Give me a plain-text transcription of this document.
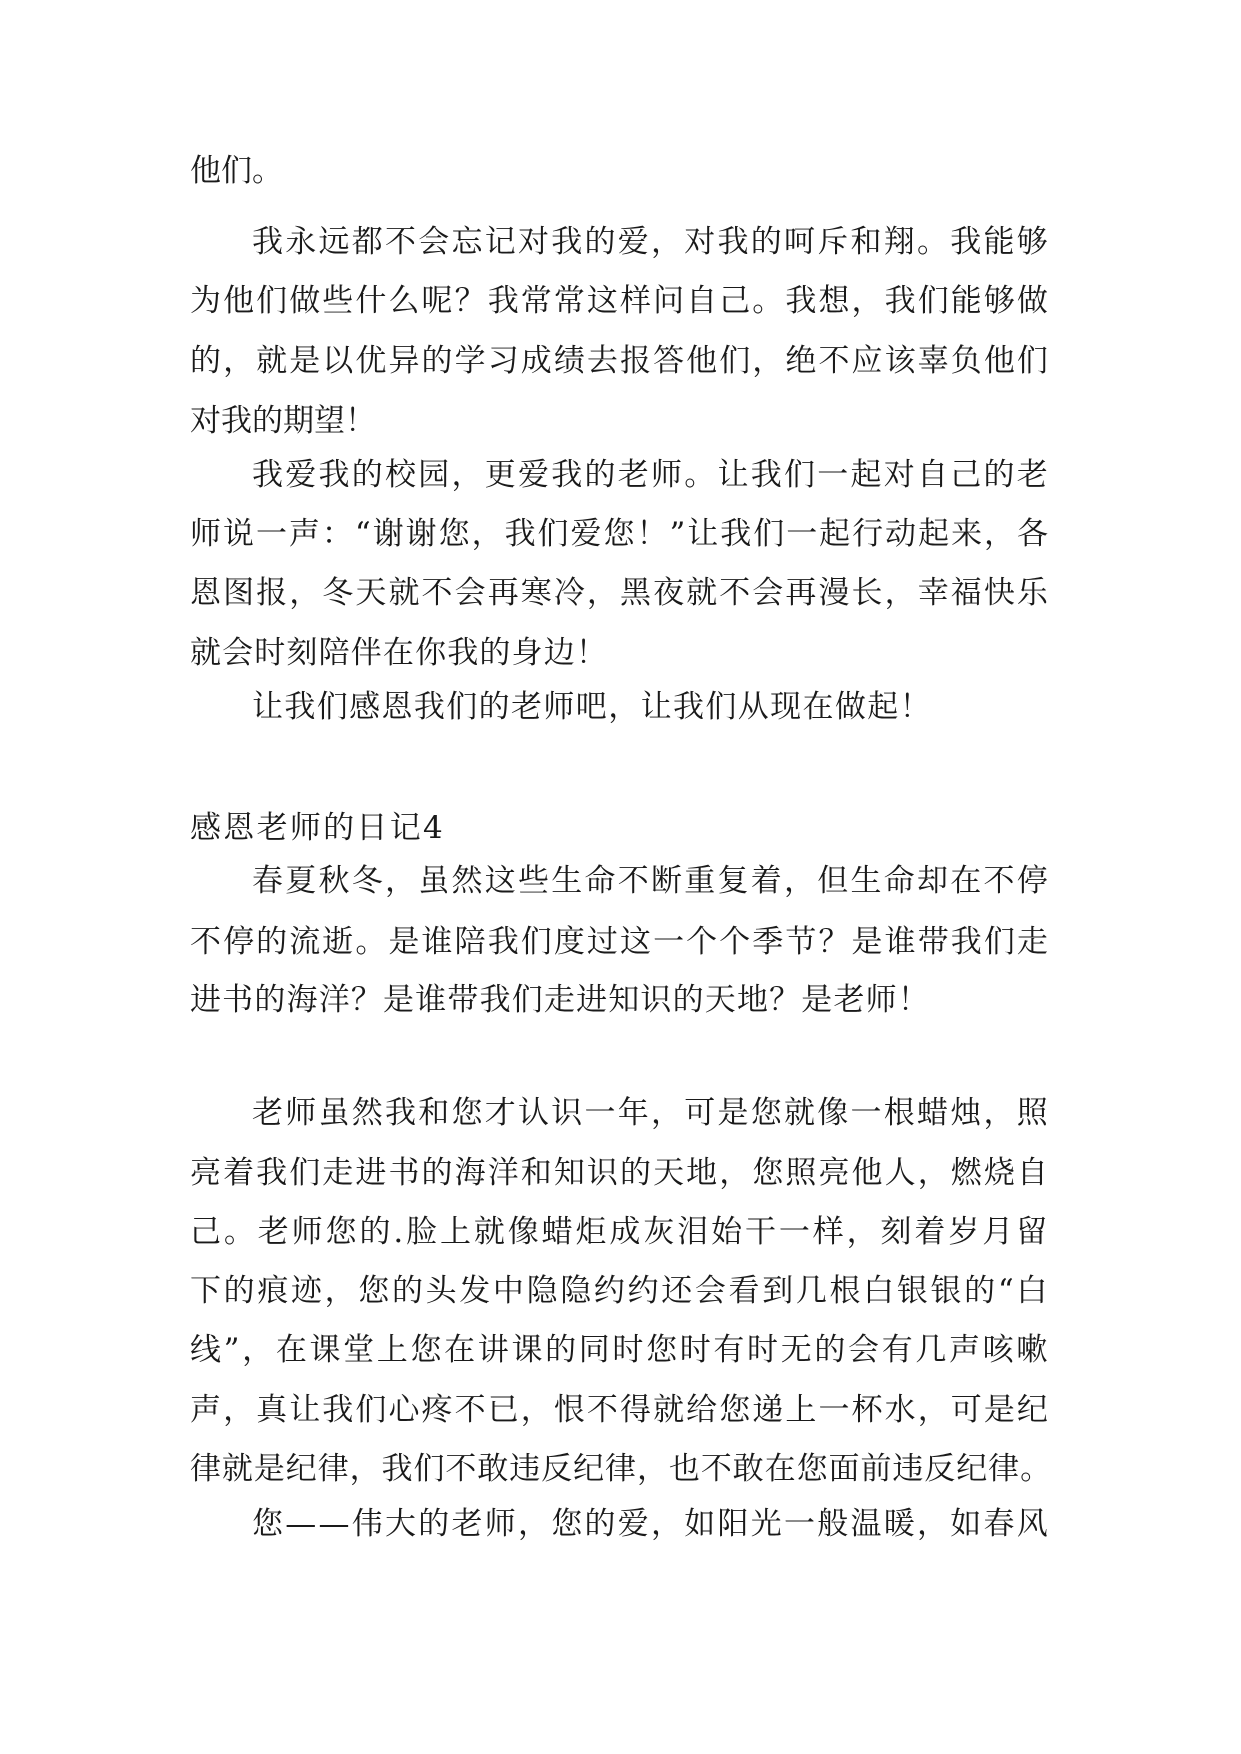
他们。

我永远都不会忘记对我的爱，对我的呵斥和翔。我能够

为他们做些什么呢？我常常这样问自己。我想，我们能够做

的，就是以优异的学习成绩去报答他们，绝不应该辜负他们

对我的期望！

我爱我的校园，更爱我的老师。让我们一起对自己的老

师说一声：“谢谢您，我们爱您！”让我们一起行动起来，各

恩图报，冬天就不会再寒冷，黑夜就不会再漫长，幸福快乐

就会时刻陪伴在你我的身边！

让我们感恩我们的老师吧，让我们从现在做起！

感恩老师的日记4

春夏秋冬，虽然这些生命不断重复着，但生命却在不停

不停的流逝。是谁陪我们度过这一个个季节？是谁带我们走

进书的海洋？是谁带我们走进知识的天地？是老师！

老师虽然我和您才认识一年，可是您就像一根蜡烛，照

亮着我们走进书的海洋和知识的天地，您照亮他人，燃烧自

己。老师您的.脸上就像蜡炬成灰泪始干一样，刻着岁月留

下的痕迹，您的头发中隐隐约约还会看到几根白银银的“白

线”，在课堂上您在讲课的同时您时有时无的会有几声咳嗽

声，真让我们心疼不已，恨不得就给您递上一杯水，可是纪

律就是纪律，我们不敢违反纪律，也不敢在您面前违反纪律。

您——伟大的老师，您的爱，如阳光一般温暖，如春风
